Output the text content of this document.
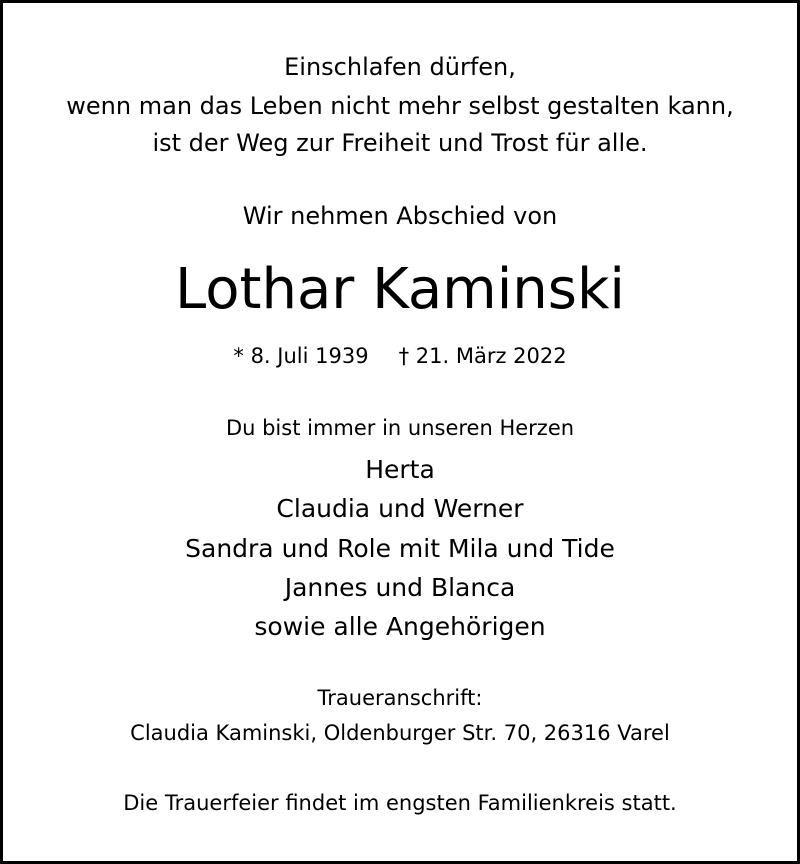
Einschlafen dürfen,
wenn man das Leben nicht mehr selbst gestalten kann,
ist der Weg zur Freiheit und Trost für alle.
Wir nehmen Abschied von
Lothar Kaminski
* 8. Juli 1939 † 21. März 2022
Du bist immer in unseren Herzen
Herta
Claudia und Werner
Sandra und Role mit Mila und Tide
Jannes und Blanca
sowie alle Angehörigen
Traueranschrift:
Claudia Kaminski, Oldenburger Str. 70, 26316 Varel
Die Trauerfeier findet im engsten Familienkreis statt.
